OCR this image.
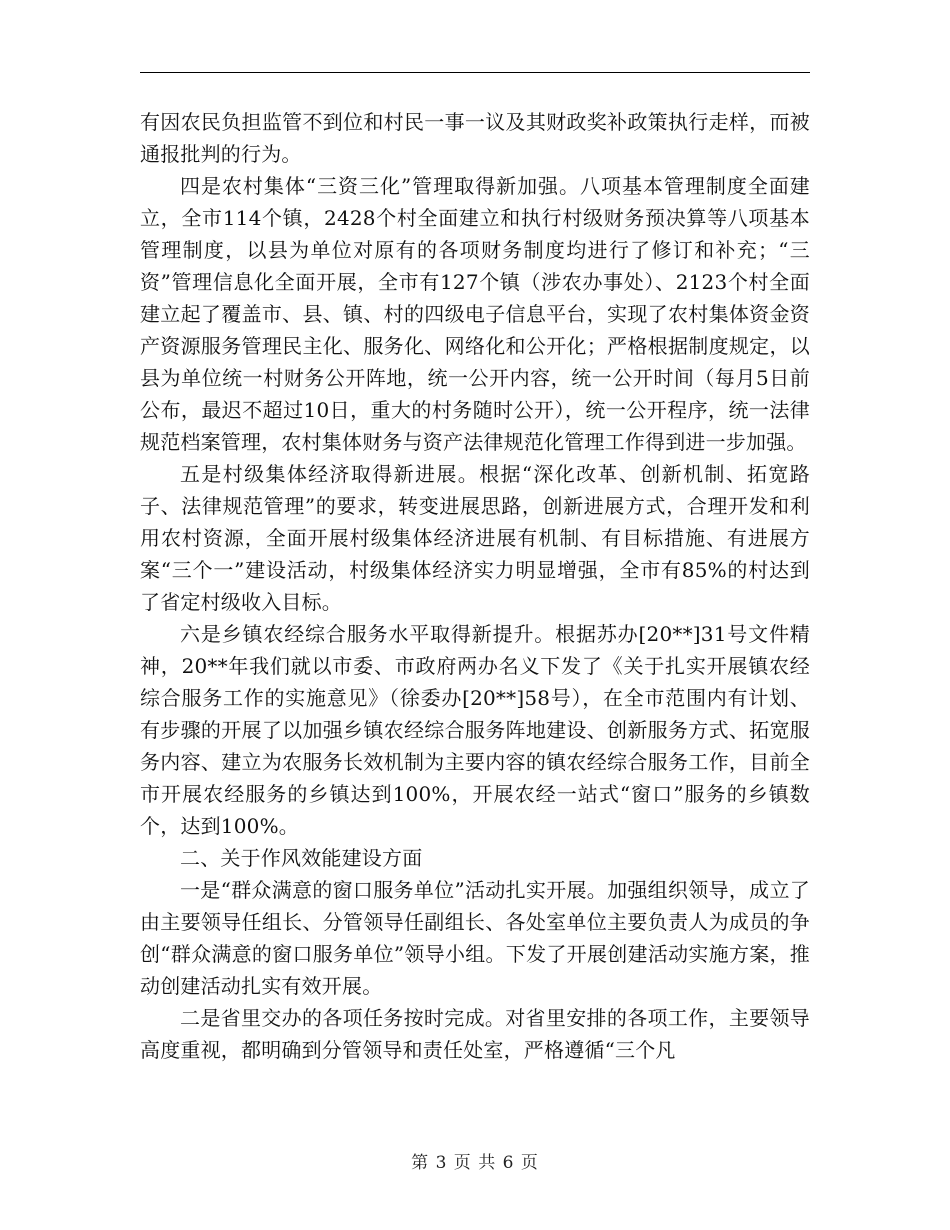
有因农民负担监管不到位和村民一事一议及其财政奖补政策执行走样，而被通报批判的行为。

四是农村集体“三资三化”管理取得新加强。八项基本管理制度全面建立，全市114个镇，2428个村全面建立和执行村级财务预决算等八项基本管理制度，以县为单位对原有的各项财务制度均进行了修订和补充；“三资”管理信息化全面开展，全市有127个镇（涉农办事处）、2123个村全面建立起了覆盖市、县、镇、村的四级电子信息平台，实现了农村集体资金资产资源服务管理民主化、服务化、网络化和公开化；严格根据制度规定，以县为单位统一村财务公开阵地，统一公开内容，统一公开时间（每月5日前公布，最迟不超过10日，重大的村务随时公开），统一公开程序，统一法律规范档案管理，农村集体财务与资产法律规范化管理工作得到进一步加强。

五是村级集体经济取得新进展。根据“深化改革、创新机制、拓宽路子、法律规范管理”的要求，转变进展思路，创新进展方式，合理开发和利用农村资源，全面开展村级集体经济进展有机制、有目标措施、有进展方案“三个一”建设活动，村级集体经济实力明显增强，全市有85%的村达到了省定村级收入目标。

六是乡镇农经综合服务水平取得新提升。根据苏办[20**]31号文件精神，20**年我们就以市委、市政府两办名义下发了《关于扎实开展镇农经综合服务工作的实施意见》（徐委办[20**]58号），在全市范围内有计划、有步骤的开展了以加强乡镇农经综合服务阵地建设、创新服务方式、拓宽服务内容、建立为农服务长效机制为主要内容的镇农经综合服务工作，目前全市开展农经服务的乡镇达到100%，开展农经一站式“窗口”服务的乡镇数个，达到100%。

二、关于作风效能建设方面

一是“群众满意的窗口服务单位”活动扎实开展。加强组织领导，成立了由主要领导任组长、分管领导任副组长、各处室单位主要负责人为成员的争创“群众满意的窗口服务单位”领导小组。下发了开展创建活动实施方案，推动创建活动扎实有效开展。

二是省里交办的各项任务按时完成。对省里安排的各项工作，主要领导高度重视，都明确到分管领导和责任处室，严格遵循“三个凡

第 3 页 共 6 页
